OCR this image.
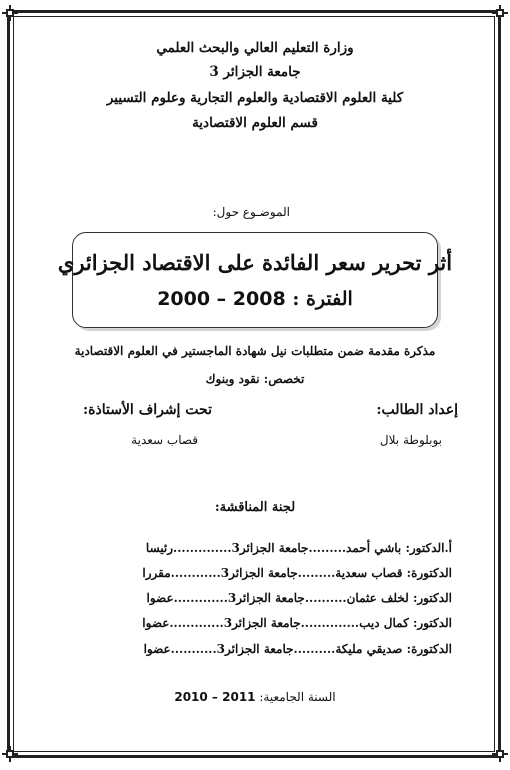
وزارة التعليم العالي والبحث العلمي
جامعة الجزائر 3
كلية العلوم الاقتصادية والعلوم التجارية وعلوم التسيير
قسم العلوم الاقتصادية
الموضـوع حول:
أثر تحرير سعر الفائدة على الاقتصاد الجزائري
الفترة : 2000 – 2008
مذكرة مقدمة ضمن متطلبات نيل شهادة الماجستير في العلوم الاقتصادية
تخصص: نقود وبنوك
إعداد الطالب:
بوبلوطة بلال
تحت إشراف الأستاذة:
قصاب سعدية
لجنة المناقشة:
أ.الدكتور: باشي أحمد.........جامعة الجزائر3..............رئيسا
الدكتورة: قصاب سعدية.........جامعة الجزائر3............مقررا
الدكتور: لخلف عثمان..........جامعة الجزائر3.............عضوا
الدكتور: كمال ديب..............جامعة الجزائر3.............عضوا
الدكتورة: صديقي مليكة..........جامعة الجزائر3...........عضوا
السنة الجامعية: 2010 – 2011
